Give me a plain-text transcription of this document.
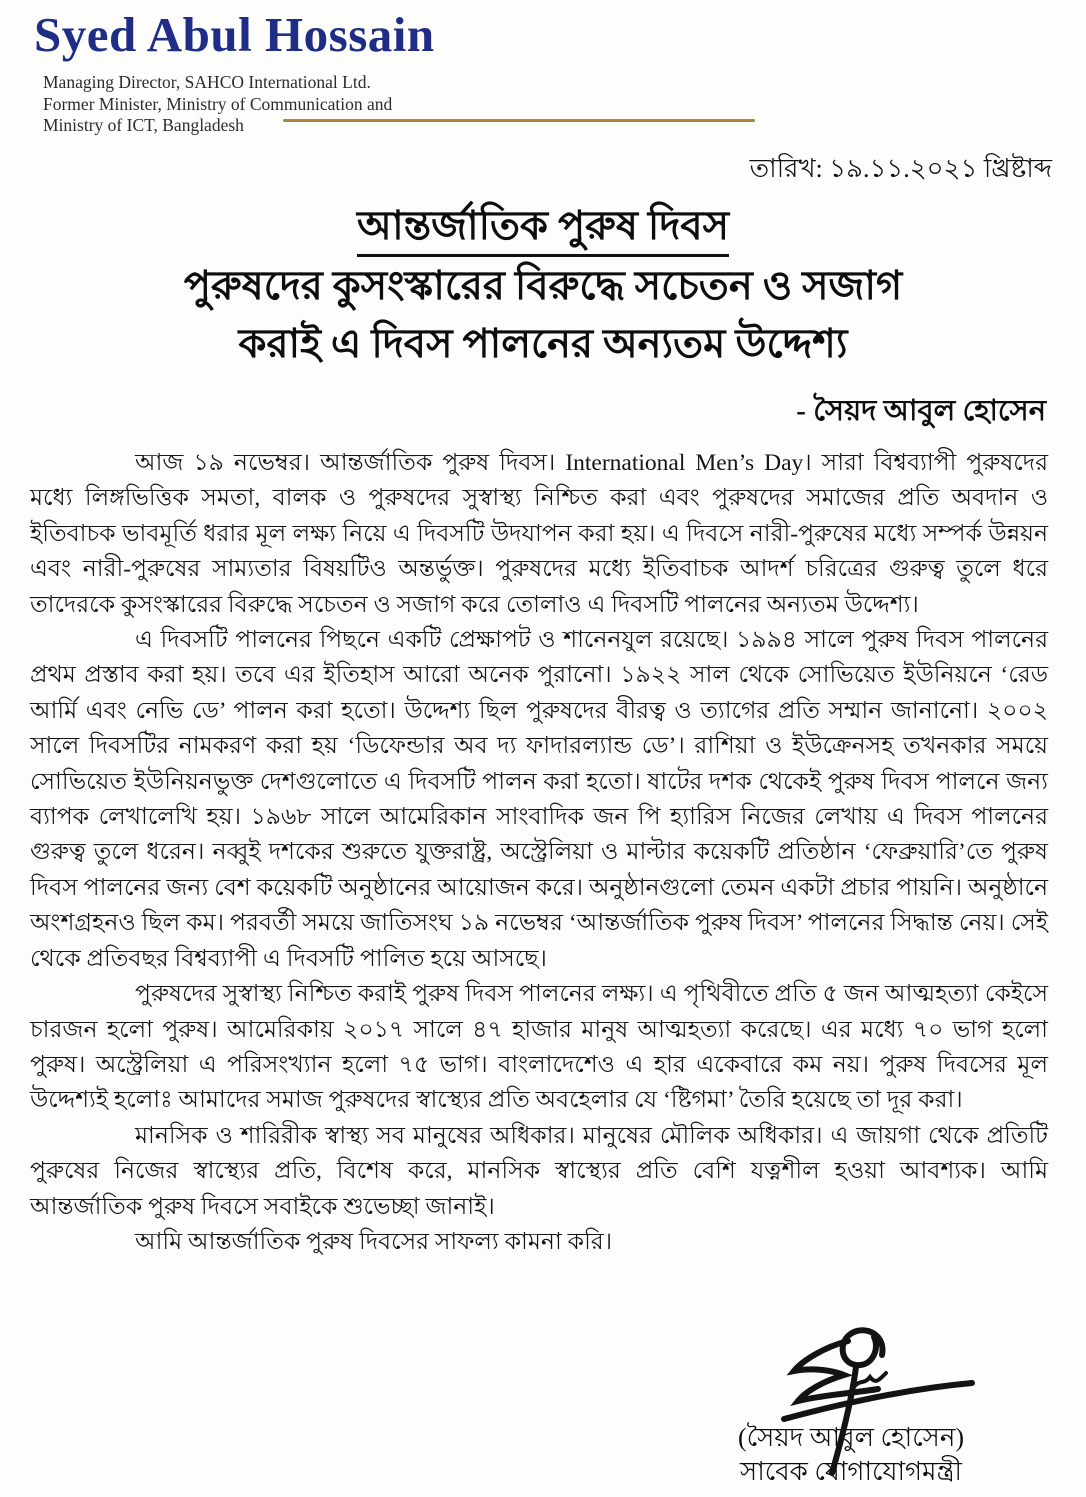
Syed Abul Hossain
Managing Director, SAHCO International Ltd.
Former Minister, Ministry of Communication and
Ministry of ICT, Bangladesh
তারিখ: ১৯.১১.২০২১ খ্রিষ্টাব্দ
আন্তর্জাতিক পুরুষ দিবস
পুরুষদের কুসংস্কারের বিরুদ্ধে সচেতন ও সজাগ
করাই এ দিবস পালনের অন্যতম উদ্দেশ্য
- সৈয়দ আবুল হোসেন

আজ ১৯ নভেম্বর। আন্তর্জাতিক পুরুষ দিবস। International Men’s Day। সারা বিশ্বব্যাপী পুরুষদের মধ্যে লিঙ্গভিত্তিক সমতা, বালক ও পুরুষদের সুস্বাস্থ্য নিশ্চিত করা এবং পুরুষদের সমাজের প্রতি অবদান ও ইতিবাচক ভাবমূর্তি ধরার মূল লক্ষ্য নিয়ে এ দিবসটি উদযাপন করা হয়। এ দিবসে নারী-পুরুষের মধ্যে সম্পর্ক উন্নয়ন এবং নারী-পুরুষের সাম্যতার বিষয়টিও অন্তর্ভুক্ত। পুরুষদের মধ্যে ইতিবাচক আদর্শ চরিত্রের গুরুত্ব তুলে ধরে তাদেরকে কুসংস্কারের বিরুদ্ধে সচেতন ও সজাগ করে তোলাও এ দিবসটি পালনের অন্যতম উদ্দেশ্য।

এ দিবসটি পালনের পিছনে একটি প্রেক্ষাপট ও শানেনযুল রয়েছে। ১৯৯৪ সালে পুরুষ দিবস পালনের প্রথম প্রস্তাব করা হয়। তবে এর ইতিহাস আরো অনেক পুরানো। ১৯২২ সাল থেকে সোভিয়েত ইউনিয়নে ‘রেড আর্মি এবং নেভি ডে’ পালন করা হতো। উদ্দেশ্য ছিল পুরুষদের বীরত্ব ও ত্যাগের প্রতি সম্মান জানানো। ২০০২ সালে দিবসটির নামকরণ করা হয় ‘ডিফেন্ডার অব দ্য ফাদারল্যান্ড ডে’। রাশিয়া ও ইউক্রেনসহ তখনকার সময়ে সোভিয়েত ইউনিয়নভুক্ত দেশগুলোতে এ দিবসটি পালন করা হতো। ষাটের দশক থেকেই পুরুষ দিবস পালনে জন্য ব্যাপক লেখালেখি হয়। ১৯৬৮ সালে আমেরিকান সাংবাদিক জন পি হ্যারিস নিজের লেখায় এ দিবস পালনের গুরুত্ব তুলে ধরেন। নব্বুই দশকের শুরুতে যুক্তরাষ্ট্র, অস্ট্রেলিয়া ও মাল্টার কয়েকটি প্রতিষ্ঠান ‘ফেব্রুয়ারি’তে পুরুষ দিবস পালনের জন্য বেশ কয়েকটি অনুষ্ঠানের আয়োজন করে। অনুষ্ঠানগুলো তেমন একটা প্রচার পায়নি। অনুষ্ঠানে অংশগ্রহনও ছিল কম। পরবর্তী সময়ে জাতিসংঘ ১৯ নভেম্বর ‘আন্তর্জাতিক পুরুষ দিবস’ পালনের সিদ্ধান্ত নেয়। সেই থেকে প্রতিবছর বিশ্বব্যাপী এ দিবসটি পালিত হয়ে আসছে।

পুরুষদের সুস্বাস্থ্য নিশ্চিত করাই পুরুষ দিবস পালনের লক্ষ্য। এ পৃথিবীতে প্রতি ৫ জন আত্মহত্যা কেইসে চারজন হলো পুরুষ। আমেরিকায় ২০১৭ সালে ৪৭ হাজার মানুষ আত্মহত্যা করেছে। এর মধ্যে ৭০ ভাগ হলো পুরুষ। অস্ট্রেলিয়া এ পরিসংখ্যান হলো ৭৫ ভাগ। বাংলাদেশেও এ হার একেবারে কম নয়। পুরুষ দিবসের মূল উদ্দেশ্যই হলোঃ আমাদের সমাজ পুরুষদের স্বাস্থ্যের প্রতি অবহেলার যে ‘ষ্টিগমা’ তৈরি হয়েছে তা দূর করা।

মানসিক ও শারিরীক স্বাস্থ্য সব মানুষের অধিকার। মানুষের মৌলিক অধিকার। এ জায়গা থেকে প্রতিটি পুরুষের নিজের স্বাস্থ্যের প্রতি, বিশেষ করে, মানসিক স্বাস্থ্যের প্রতি বেশি যত্নশীল হওয়া আবশ্যক। আমি আন্তর্জাতিক পুরুষ দিবসে সবাইকে শুভেচ্ছা জানাই।

আমি আন্তর্জাতিক পুরুষ দিবসের সাফল্য কামনা করি।

(সৈয়দ আবুল হোসেন)
সাবেক যোগাযোগমন্ত্রী
